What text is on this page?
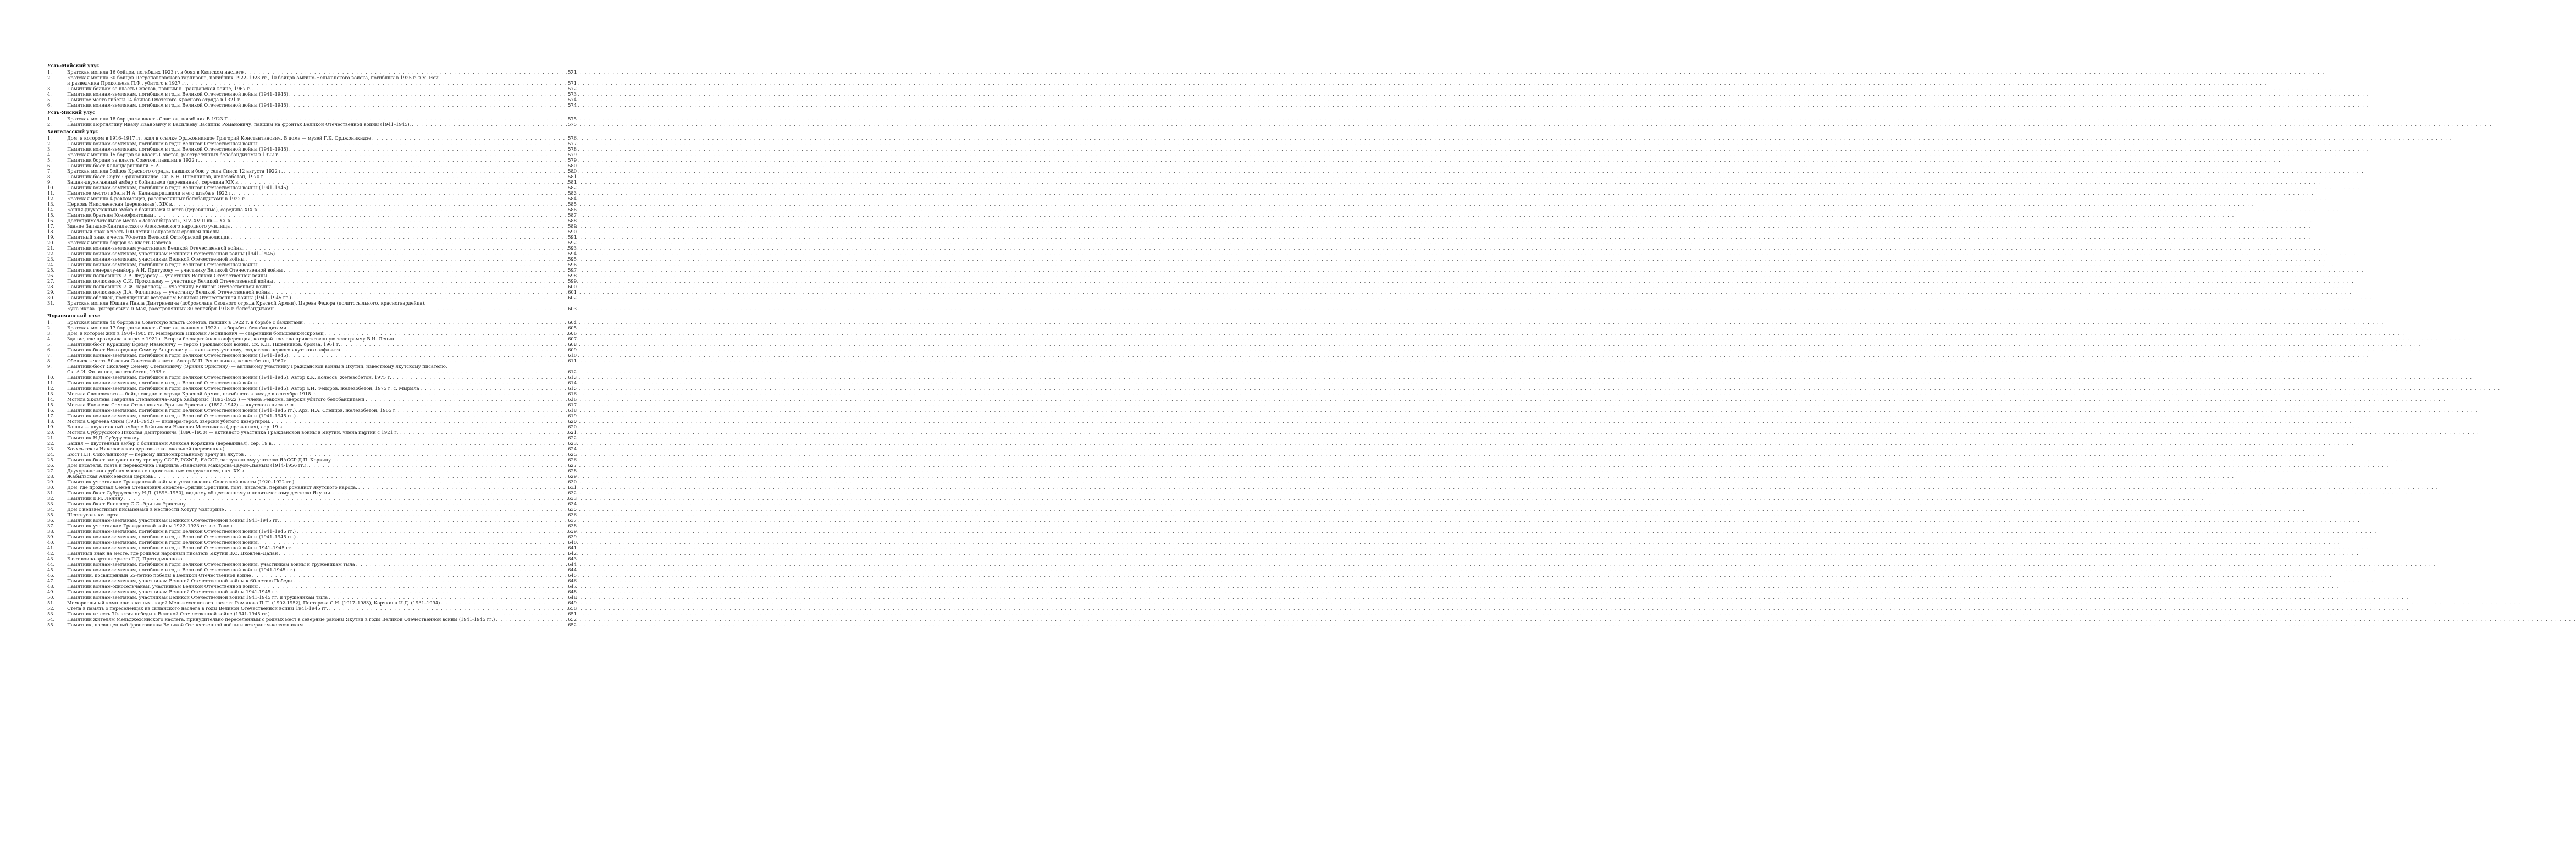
Усть-Майский улус
1.	Братская могила 16 бойцов, погибших 1923 г. в боях в Кюпском наслеге . . .	571
2.	Братская могила 30 бойцов Петропавловского гарнизона, погибших 1922–1923 гг., 10 бойцов Амгино-Нельканского войска, погибших в 1925 г. в м. Иси
и разведчика Прокопьева П.Ф., убитого в 1927 г. . . .	571
3.	Памятник бойцам за власть Советов, павшим в Гражданской войне, 1967 г. . . .	572
4.	Памятник воинам-землякам, погибшим в годы Великой Отечественной войны (1941–1945) . . .	573
5.	Памятное место гибели 14 бойцов Охотского Красного отряда в 1321 г. . . .	574
6.	Памятник воинам-землякам, погибшим в годы Великой Отечественной войны (1941–1945) . . .	574
Усть-Янский улус
1.	Братская могила 18 борцов за власть Советов, погибших В 1923 Г. . . .	575
2.	Памятник Портнягину Ивану Ивановичу и Васильеву Василию Романовичу, павшим на фронтах Великой Отечественной войны (1941–1945). . . .	575
Хангаласский улус
1.	Дом, в котором в 1916–1917 гг. жил в ссылке Орджоникидзе Григорий Константинович. В доме — музей Г.К. Орджоникидзе . . .	576
2.	Памятник воинам-землякам, погибшим в годы Великой Отечественной войны. . . .	577
3.	Памятник воинам-землякам, погибшим в годы Великой Отечественной войны (1941–1945) . . .	578
4.	Братская могила 15 борцов за власть Советов, расстрелянных белобандитами в 1922 г. . . .	579
5.	Памятник борцам за власть Советов, павшим в 1922 г. . . .	579
6.	Памятник-бюст Каландаришвили Н.А. . . .	580
7.	Братская могила бойцов Красного отряда, павших в бою у села Синск 12 августа 1922 г. . . .	580
8.	Памятник-бюст Серго Орджоникидзе. Ск. К.Н. Пшенников, железобетон, 1970 г. . . .	581
9.	Башня-двухэтажный амбар с бойницами (деревянная), середина XIX в. . . .	581
10.	Памятник воинам-землякам, погибшим в годы Великой Отечественной войны (1941–1945) . . .	582
11.	Памятное место гибели Н.А. Каландаришвили и его штаба в 1922 г. . . .	583
12.	Братская могила 4 ревкомовцев, расстрелянных белобандитами в 1922 г. . . .	584
13.	Церковь Николаевская (деревянная), XIX в. . . .	585
14.	Башня-двухэтажный амбар с бойницами и юрта (деревянные), середина XIX в. . . .	586
15.	Памятник братьям Ксенофонтовым . . .	587
16.	Достопримечательное место «Истээх быраан», XIV–XVIII вв.— XX в. . . .	588
17.	Здание Западно-Кангаласского Алексеевского народного училища . . .	589
18.	Памятный знак в честь 100-летия Покровской средней школы. . . .	590
19.	Памятный знак в честь 70-летия Великой Октябрьской революции . . .	591
20.	Братская могила борцов за власть Советов . . .	592
21.	Памятник воинам-землякам участникам Великой Отечественной войны. . . .	593
22.	Памятник воинам-землякам, участникам Великой Отечественной войны (1941–1945) . . .	594
23.	Памятник воинам-землякам, участникам Великой Отечественной войны . . .	595
24.	Памятник воинам-землякам, погибшим в годы Великой Отечественной войны . . .	596
25.	Памятник генералу-майору А.И. Притузову — участнику Великой Отечественной войны . . .	597
26.	Памятник полковнику И.А. Федорову — участнику Великой Отечественной войны . . .	598
27.	Памятник полковнику С.И. Прокопьеву — участнику Великой Отечественной войны . . .	599
28.	Памятник полковнику И.Ф. Ларионову — участнику Великой Отечественной войны. . . .	600
29.	Памятник полковнику Д.А. Филиппову — участнику Великой Отечественной войны . . .	601
30.	Памятник-обелиск, посвященный ветеранам Великой Отечественной войны (1941–1945 гг.) . . .	602
31.	Братская могила Юшина Павла Дмитриевича (добровольца Сводного отряда Красной Армии), Царева Федора (политссыльного, красногвардейца),
Бука Якова Григорьевича и Мая, расстрелянных 30 сентября 1918 г. белобандитами . . .	603
Чурапчинский улус
1.	Братская могила 40 борцов за Советскую власть Советов, павших в 1922 г. в борьбе с бандитами . . .	604
2.	Братская могила 17 борцов за власть Советов, павших в 1922 г. в борьбе с белобандитами . . .	605
3.	Дом, в котором жил в 1904–1905 гг. Мещеряков Николай Леонидович — старейший большевик-искровец . . .	606
4.	Здание, где проходила в апреле 1921 г. Вторая беспартийная конференция, которой послала приветственную телеграмму В.И. Ленин . . .	607
5.	Памятник-бюст Курашову Ефиму Ивановичу — герою Гражданской войны. Ск. К.Н. Пшенников, бронза, 1961 г. . . .	608
6.	Памятник-бюст Новгородову Семену Андреевичу — лингвисту-ученому, создателю первого якутского алфавита . . .	609
7.	Памятник воинам-землякам, погибшим в годы Великой Отечественной войны (1941–1945) . . .	610
8.	Обелиск в честь 50-летия Советской власти. Автор М.П. Решетников, железобетон, 1967г . . .	611
9.	Памятник-бюст Яковлеву Семену Степановичу (Эрилик Эристину) — активному участнику Гражданской войны в Якутии, известному якутскому писателю.
Ск. А.И. Филиппов, железобетон, 1963 г. . . .	612
10.	Памятник воинам-землякам, погибшим в годы Великой Отечественной войны (1941–1945). Автор к.К. Колесов, железобетон, 1975 г. . . .	613
11.	Памятник воинам-землякам, погибшим в годы Великой Отечественной войны. . . .	614
12.	Памятник воинам-землякам, погибшим в годы Великой Отечественной войны (1941–1945). Автор з.И. Федоров, железобетон, 1975 г. с. Мырыла . . .	615
13.	Могила Слоневского — бойца сводного отряда Красной Армии, погибшего в засаде в сентябре 1918 г. . . .	616
14.	Могила Яковлева Гавриила Степановича–Кыра Хабырыыс (1893-1922 ) — члена Ревкома, зверски убитого белобандитами . . .	616
15.	Могила Яковлева Семена Степановича–Эрилик Эристина (1892–1942) — якутского писателя . . .	617
16.	Памятник воинам-землякам, погибшим в годы Великой Отечественной войны (1941–1945 гг.). Арх. И.А. Слепцов, железобетон, 1965 г. . . .	618
17.	Памятник воинам-землякам, погибшим в годы Великой Отечественной войны (1941–1945 гг.) . . .	619
18.	Могила Сергеева Симы (1931-1942) — пионера-героя, зверски убитого дезертиром. . . .	620
19.	Башня — двухэтажный амбар с бойницами Николая Местникова (деревянная), сер. 19 в. . . .	620
20.	Могила Субурусского Николая Дмитриевича (1896–1950) — активного участника Гражданской войны в Якутии, члена партии с 1921 г. . . .	621
21.	Памятник Н.Д. Субурусскому . . .	622
22.	Башня — двустенный амбар с бойницами Алексея Корякина (деревянная), сер. 19 в. . . .	623
23.	Хаяхсытская Николаевская церковь с колокольней (деревянная) . . .	624
24.	Бюст П.Н. Сокольникову — первому дипломированному врачу из якутов . . .	625
25.	Памятник-бюст заслуженному тренеру СССР, РСФСР, ЯАССР, заслуженному учителю ЯАССР Д.П. Коркину . . .	626
26.	Дом писателя, поэта и переводчика Гавриила Ивановича Макарова-Дьуон-Дьаныы (1914-1956 гг.). . . .	627
27.	Двухуровневая срубная могила с надмогильным сооружением, нач. XX в. . . .	628
28.	Жабыльская Алексеевская церковь . . .	629
29.	Памятник участникам Гражданской войны и установления Советской власти (1920–1922 гг.) . . .	630
30.	Дом, где проживал Семен Степанович Яковлев–Эрилик Эристиин, поэт, писатель, первый романист якутского народа. . . .	631
31.	Памятник-бюст Субурусскому Н.Д. (1896–1950), видному общественному и политическому деятелю Якутии. . . .	632
32.	Памятник В.И. Ленину . . .	633
33.	Памятник-бюст Яковлеву С.С.–Эрилик Эристину . . .	634
34.	Дом с неизвестными письменами в местности Хотугу Чэлгэрийэ . . .	635
35.	Шестиугольная юрта . . .	636
36.	Памятник воинам-землякам, участникам Великой Отечественной войны 1941–1945 гг. . . .	637
37.	Памятник участникам Гражданской войны 1922–1923 гг. в с. Толон . . .	638
38.	Памятник воинам-землякам, погибшим в годы Великой Отечественной войны (1941–1945 гг.) . . .	639
39.	Памятник воинам-землякам, погибшим в годы Великой Отечественной войны (1941–1945 гг.) . . .	639
40.	Памятник воинам-землякам, погибшим в годы Великой Отечественной войны. . . .	640
41.	Памятник воинам-землякам, погибшим в годы Великой Отечественной войны 1941–1945 гг. . . .	641
42.	Памятный знак на месте, где родился народный писатель Якутии В.С. Яковлев–Далан . . .	642
43.	Бюст воина-артиллериста Г.Д. Протодьяконова. . . .	643
44.	Памятник воинам-землякам, погибшим в годы Великой Отечественной войны, участникам войны и труженикам тыла . . .	644
45.	Памятник воинам-землякам, погибшим в годы Великой Отечественной войны (1941-1945 гг.) . . .	644
46.	Памятник, посвященный 55-летию победы в Великой Отечественной войне . . .	645
47.	Памятник воинам-землякам, участникам Великой Отечественной войны к 60-летию Победы . . .	646
48.	Памятник воинам-односельчанам, участникам Великой Отечественной войны . . .	647
49.	Памятник воинам-землякам, участникам Великой Отечественной войны 1941-1945 гг. . . .	648
50.	Памятник воинам-землякам, участникам Великой Отечественной войны 1941-1945 гг. и труженикам тыла . . .	648
51.	Мемориальный комплекс знатных людей Мельжехсинского наслега Романова П.П. (1902-1952), Пестерова С.Н. (1917–1983), Корякина И.Д. (1931–1994) . . .	649
52.	Стела в память о переселенцах из сыланского наслега в годы Великой Отечественной войны 1941-1945 гг. . . .	650
53.	Памятник в честь 70-летия победы в Великой Отечественной войне (1941-1945 гг.) . . .	651
54.	Памятник жителям Мельджехсинского наслега, принудительно переселенным с родных мест в северные районы Якутии в годы Великой Отечественной войны (1941-1945 гг.) . . .	652
55.	Памятник, посвященный фронтовикам Великой Отечественной войны и ветеранам-колхозникам . . .	652
